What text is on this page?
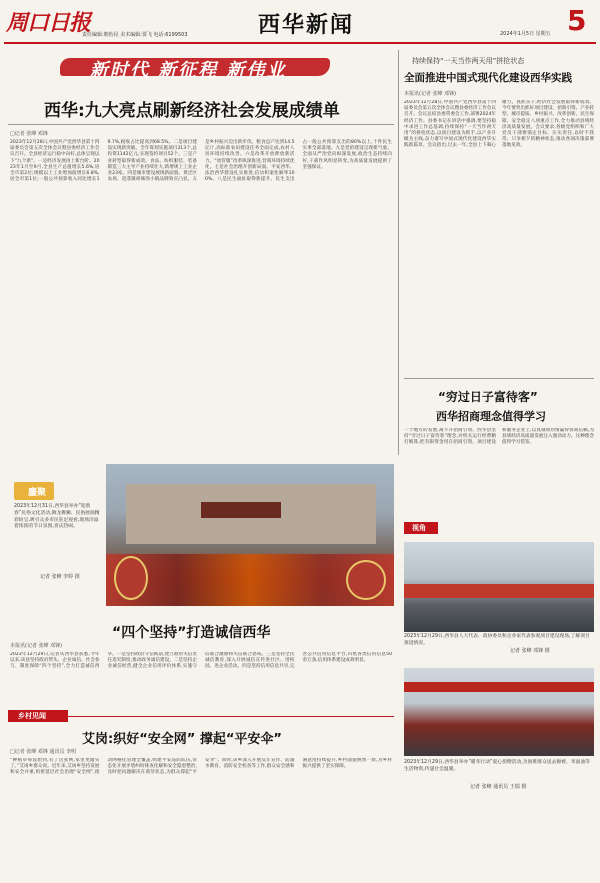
周口日报
责任编辑:朝怡昆 美术编辑:贾飞 电话:6199503	西华新闻	2024年1月5日 星期五 5
新时代 新征程 新伟业
西华:九大亮点刷新经济社会发展成绩单
□记者 张峰 邓锋
2023年12月28日,中国共产党西华县第十四届委员会第五次全体会议暨县委经济工作会议召开。全县经济运行稳中向好,总体呈现以下“九个新”。一是经济发展再上新台阶。2023年1月至9月,全县生产总值增长5.6%,居全市第2位;规模以上工业增加值增长6.8%,居全市第1位;一般公共预算收入同比增长19.7%,税收占比提高到68.5%。二是项目建设实现新突破。全年谋划实施项目313个,总投资1142亿元,实现签约项目52个。三是产业转型取得新成效。食品、纺织服装、装备制造三大主导产业持续壮大,新增规上工业企业23家。四是城市建设展现新面貌。黄泛区农场、逍遥镇胡辣汤小镇品牌效应凸显。五是乡村振兴迈出新步伐。粮食总产达到14.5亿斤,高标准农田建设任务全面完成,农村人居环境持续改善。六是改革开放释放新活力。“放管服”改革纵深推进,营商环境持续优化。七是社会治理开创新局面。平安西华、法治西华建设扎实推进,信访积案化解率100%。八是民生福祉取得新提升。民生支出占一般公共预算支出的80%以上,十件民生实事全部落地。九是党的建设呈现新气象。全面从严治党向纵深发展,政治生态持续向好,干部作风明显转变,为高质量发展提供了坚强保证。
持续保持“一天当作两天用”拼抢状态
全面推进中国式现代化建设西华实践
本报讯(记者 张峰 邓锋)
2023年12月28日,中国共产党西华县第十四届委员会第五次全体会议暨县委经济工作会议召开。会议总结县委常委会工作,部署2024年经济工作。县委书记在讲话中强调,要坚持稳中求进工作总基调,持续保持“一天当作两天用”的拼抢状态,以项目建设为抓手,以产业升级为主线,奋力谱写中国式现代化建设西华实践新篇章。会议指出,过去一年,全县上下凝心聚力、真抓实干,经济社会发展取得新成效。今年要突出抓好项目建设、招商引资、产业转型、城市提质、乡村振兴、改革创新、民生保障、安全稳定八项重点工作,全力推动县域经济高质量发展。会议要求,各级党组织和广大党员干部要锚定目标、压实责任,以时不我待、只争朝夕的精神状态,推动各项决策部署落地见效。
“穷过日子富待客”
西华招商理念值得学习
一个地方的发展,离不开招商引资。西华县坚持“穷过日子富待客”理念,对机关运行经费精打细算,把有限资金用在招商引资、项目建设和服务企业上,以真诚和热情赢得客商信赖,为县域经济高质量发展注入强劲动力。这种理念值得学习借鉴。
鏖聚
2023年12月31日,西华县举办“迎新春”民俗文化活动,舞龙舞狮、民俗展演精彩纷呈,吸引众多市民驻足观看,现场洋溢着浓浓的节日氛围,喜庆热闹。
记者 张峰 李婷 摄
“四个坚持”打造诚信西华
本报讯(记者 张峰 邓锋)
2023年12月29日,记者从西华县获悉,今年以来,该县坚持政府带头、企业诚信、社会参与、制度保障“四个坚持”,全力打造诚信西华。一是坚持政府守信践诺,建立政府失信责任追究制度,推动政务诚信建设。二是坚持企业诚信经营,健全企业信用评价体系,实施守信联合激励和失信联合惩戒。三是坚持全民诚信教育,深入开展诚信宣传进社区、进校园、进企业活动。四是坚持信用信息共享,完善公共信用信息平台,归集各类信用信息50余万条,信用体系建设成效明显。
视角
2023年12月29日,西华县人大代表、政协委员和企业家代表参观项目建设现场,了解项目推进情况。
记者 张峰 邓锋 摄
2023年12月29日,西华县举办“暖冬行动”爱心捐赠活动,为困难群众送去棉被、米面油等生活物资,传递社会温暖。
记者 张峰 通讯员 王瑞 摄
乡村见闻
艾岗:织好“安全网” 撑起“平安伞”
□记者 张峰 邓锋 通讯员 李明
“种植草莓没想到,有了这张网,家里更踏实了。”艾岗乡群众说。近年来,艾岗乡坚持发展和安全并重,织密基层社会治理“安全网”,推动网格化管理全覆盖,组建平安巡防队伍,常态化开展矛盾纠纷排查化解和安全隐患整治,及时把问题解决在萌芽状态,为群众撑起“平安伞”。同时,该乡深入开展反诈宣传、防溺水教育、消防安全检查等工作,群众安全感和满意度持续提升,乡村面貌焕然一新,为乡村振兴提供了坚实保障。
